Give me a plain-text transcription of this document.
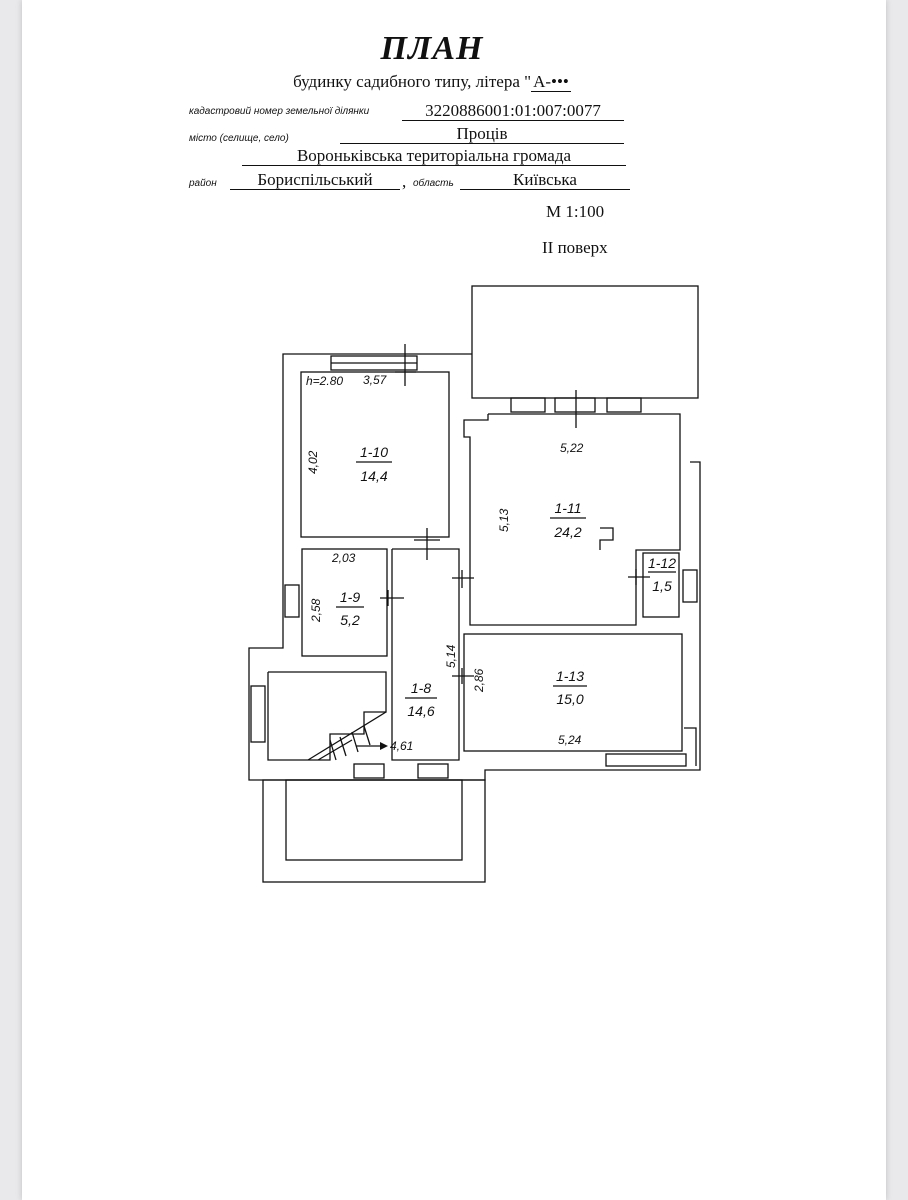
ПЛАН
будинку садибного типу, літера " А-•••
кадастровий номер земельної ділянки	3220886001:01:007:0077
місто (селище, село)	Проців
Вороньківська територіальна громада
район	Бориспільський	, область	Київська
М 1:100
ІІ поверх
h=2.80 3,57
4,02
5,22
5,13
2,03
2,58
5,14
2,86
4,61	5,24
1-10
14,4
1-11
24,2
1-12
1,5
1-9
5,2
1-8
14,6
1-13
15,0
